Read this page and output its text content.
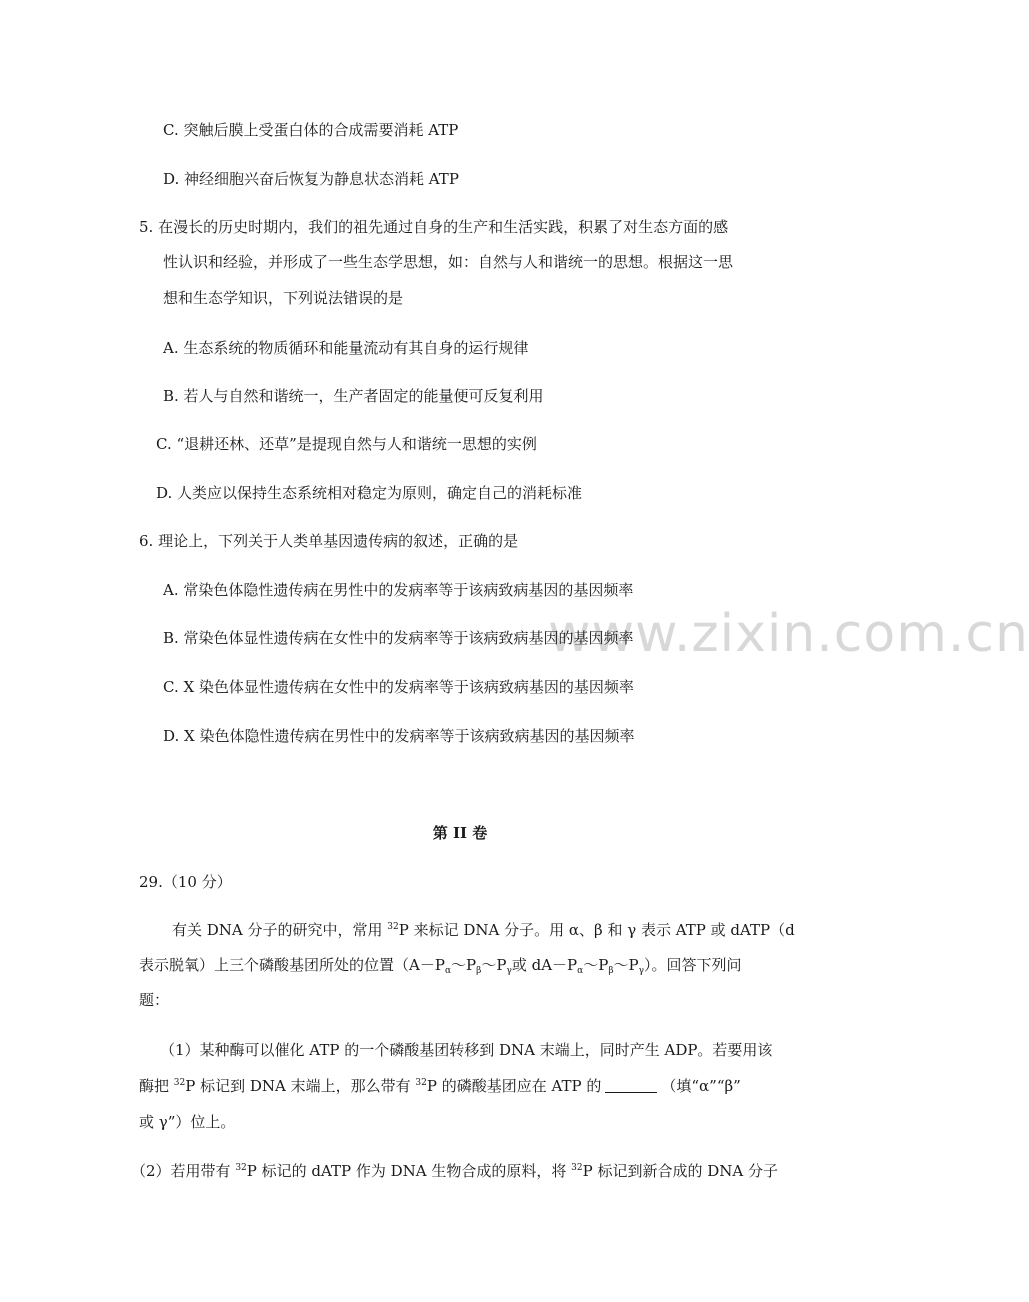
www.zixin.com.cn
C. 突触后膜上受蛋白体的合成需要消耗 ATP
D. 神经细胞兴奋后恢复为静息状态消耗 ATP
5. 在漫长的历史时期内，我们的祖先通过自身的生产和生活实践，积累了对生态方面的感
性认识和经验，并形成了一些生态学思想，如：自然与人和谐统一的思想。根据这一思
想和生态学知识，下列说法错误的是
A. 生态系统的物质循环和能量流动有其自身的运行规律
B. 若人与自然和谐统一，生产者固定的能量便可反复利用
C. “退耕还林、还草”是提现自然与人和谐统一思想的实例
D. 人类应以保持生态系统相对稳定为原则，确定自己的消耗标准
6. 理论上，下列关于人类单基因遗传病的叙述，正确的是
A. 常染色体隐性遗传病在男性中的发病率等于该病致病基因的基因频率
B. 常染色体显性遗传病在女性中的发病率等于该病致病基因的基因频率
C. X 染色体显性遗传病在女性中的发病率等于该病致病基因的基因频率
D. X 染色体隐性遗传病在男性中的发病率等于该病致病基因的基因频率
第 II 卷
29.（10 分）
有关 DNA 分子的研究中，常用 $^{32}$P 来标记 DNA 分子。用 α、β 和 γ 表示 ATP 或 dATP（d
表示脱氧）上三个磷酸基团所处的位置（$A-P_\alpha\sim P_\beta\sim P_\gamma$或 $dA-P_\alpha\sim P_\beta\sim P_\gamma$）。回答下列问
题：
（1）某种酶可以催化 ATP 的一个磷酸基团转移到 DNA 末端上，同时产生 ADP。若要用该
酶把 $^{32}$P 标记到 DNA 末端上，那么带有 $^{32}$P 的磷酸基团应在 ATP 的	（填“α”“β”
或 γ”）位上。
（2）若用带有 $^{32}$P 标记的 dATP 作为 DNA 生物合成的原料，将 $^{32}$P 标记到新合成的 DNA 分子
